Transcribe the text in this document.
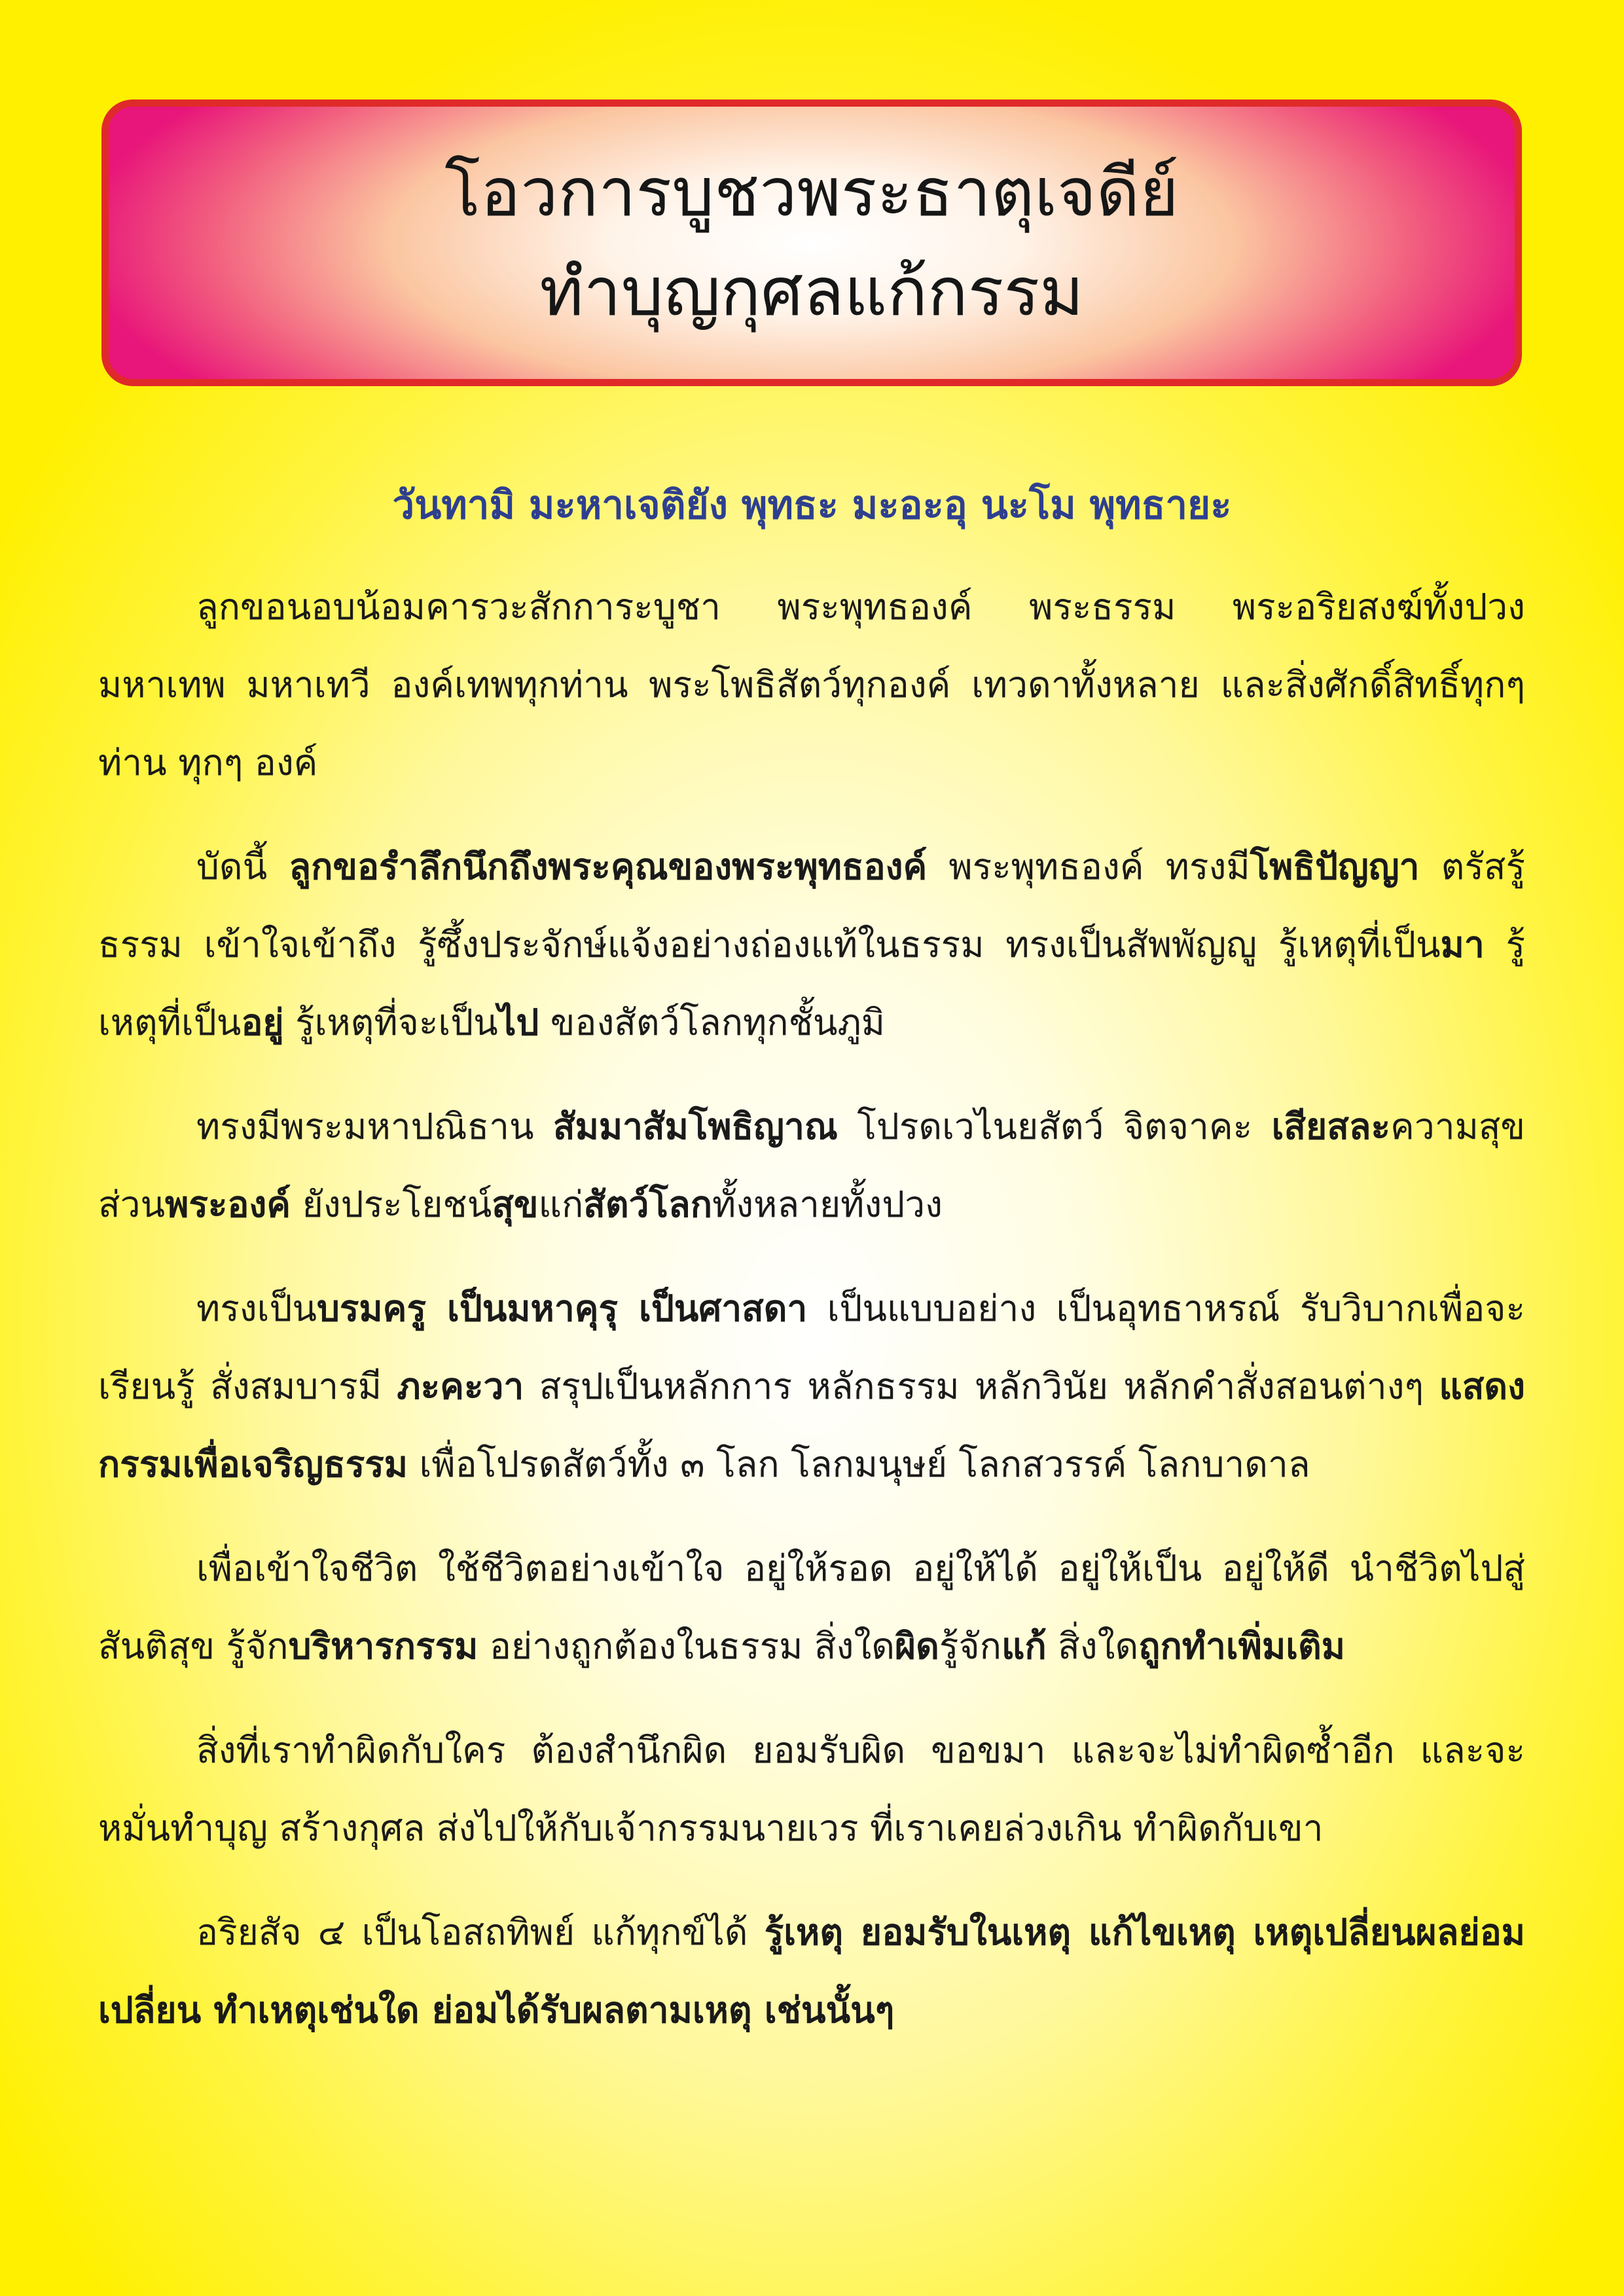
โอวการบูชวพระธาตุเจดีย์
ทำบุญกุศลแก้กรรม
วันทามิ มะหาเจติยัง พุทธะ มะอะอุ นะโม พุทธายะ

ลูกขอนอบน้อมคารวะสักการะบูชา พระพุทธองค์ พระธรรม พระอริยสงฆ์ทั้งปวง มหาเทพ มหาเทวี องค์เทพทุกท่าน พระโพธิสัตว์ทุกองค์ เทวดาทั้งหลาย และสิ่งศักดิ์สิทธิ์ทุกๆ ท่าน ทุกๆ องค์

บัดนี้ ลูกขอรำลึกนึกถึงพระคุณของพระพุทธองค์ พระพุทธองค์ ทรงมีโพธิปัญญา ตรัสรู้ธรรม เข้าใจเข้าถึง รู้ซึ้งประจักษ์แจ้งอย่างถ่องแท้ในธรรม ทรงเป็นสัพพัญญู รู้เหตุที่เป็นมา รู้เหตุที่เป็นอยู่ รู้เหตุที่จะเป็นไป ของสัตว์โลกทุกชั้นภูมิ

ทรงมีพระมหาปณิธาน สัมมาสัมโพธิญาณ โปรดเวไนยสัตว์ จิตจาคะ เสียสละความสุขส่วนพระองค์ ยังประโยชน์สุขแก่สัตว์โลกทั้งหลายทั้งปวง

ทรงเป็นบรมครู เป็นมหาคุรุ เป็นศาสดา เป็นแบบอย่าง เป็นอุทธาหรณ์ รับวิบากเพื่อจะเรียนรู้ สั่งสมบารมี ภะคะวา สรุปเป็นหลักการ หลักธรรม หลักวินัย หลักคำสั่งสอนต่างๆ แสดงกรรมเพื่อเจริญธรรม เพื่อโปรดสัตว์ทั้ง ๓ โลก โลกมนุษย์ โลกสวรรค์ โลกบาดาล

เพื่อเข้าใจชีวิต ใช้ชีวิตอย่างเข้าใจ อยู่ให้รอด อยู่ให้ได้ อยู่ให้เป็น อยู่ให้ดี นำชีวิตไปสู่สันติสุข รู้จักบริหารกรรม อย่างถูกต้องในธรรม สิ่งใดผิดรู้จักแก้ สิ่งใดถูกทำเพิ่มเติม

สิ่งที่เราทำผิดกับใคร ต้องสำนึกผิด ยอมรับผิด ขอขมา และจะไม่ทำผิดซ้ำอีก และจะหมั่นทำบุญ สร้างกุศล ส่งไปให้กับเจ้ากรรมนายเวร ที่เราเคยล่วงเกิน ทำผิดกับเขา

อริยสัจ ๔ เป็นโอสถทิพย์ แก้ทุกข์ได้ รู้เหตุ ยอมรับในเหตุ แก้ไขเหตุ เหตุเปลี่ยนผลย่อมเปลี่ยน ทำเหตุเช่นใด ย่อมได้รับผลตามเหตุ เช่นนั้นๆ
